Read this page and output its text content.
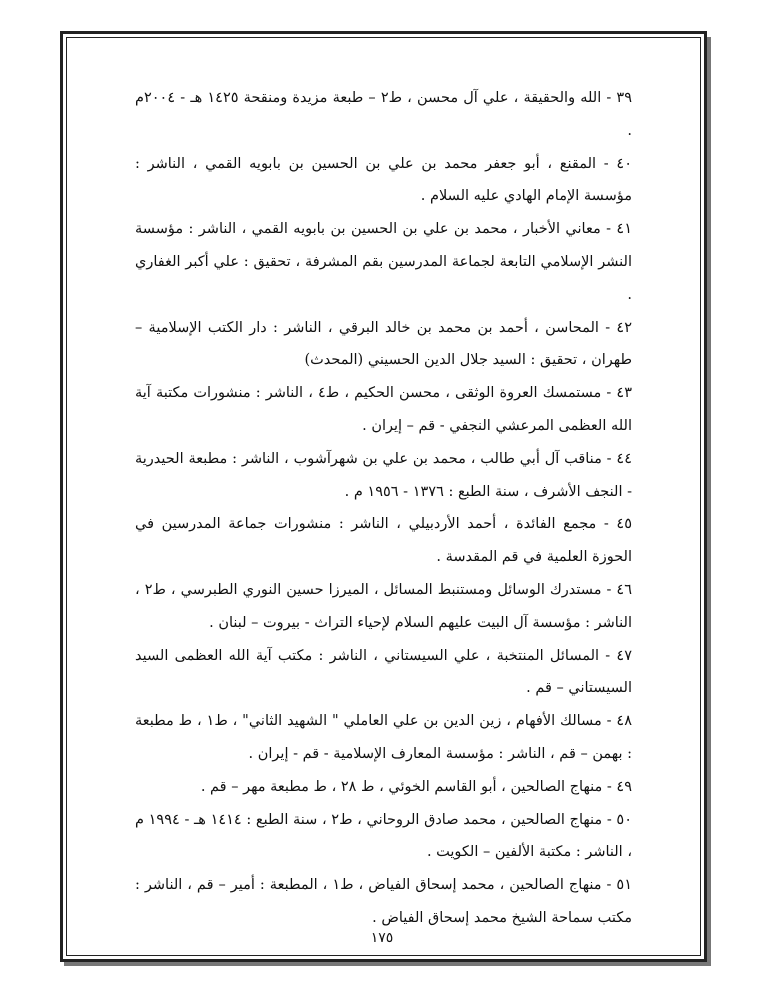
٣٩ - الله والحقيقة ، علي آل محسن ، ط٢ – طبعة مزيدة ومنقحة ١٤٢٥ هـ - ٢٠٠٤م .

٤٠ - المقنع ، أبو جعفر محمد بن علي بن الحسين بن بابويه القمي ، الناشر : مؤسسة الإمام الهادي عليه السلام .

٤١ - معاني الأخبار ، محمد بن علي بن الحسين بن بابويه القمي ، الناشر : مؤسسة النشر الإسلامي التابعة لجماعة المدرسين بقم المشرفة ، تحقيق : علي أكبر الغفاري .

٤٢ - المحاسن ، أحمد بن محمد بن خالد البرقي ، الناشر : دار الكتب الإسلامية – طهران ، تحقيق : السيد جلال الدين الحسيني (المحدث)

٤٣ - مستمسك العروة الوثقى ، محسن الحكيم ، ط٤ ، الناشر : منشورات مكتبة آية الله العظمى المرعشي النجفي - قم – إيران .

٤٤ - مناقب آل أبي طالب ، محمد بن علي بن شهرآشوب ، الناشر : مطبعة الحيدرية - النجف الأشرف ، سنة الطبع : ١٣٧٦ - ١٩٥٦ م .

٤٥ - مجمع الفائدة ، أحمد الأردبيلي ، الناشر : منشورات جماعة المدرسين في الحوزة العلمية في قم المقدسة .

٤٦ - مستدرك الوسائل ومستنبط المسائل ، الميرزا حسين النوري الطبرسي ، ط٢ ، الناشر : مؤسسة آل البيت عليهم السلام لإحياء التراث - بيروت – لبنان .

٤٧ - المسائل المنتخبة ، علي السيستاني ، الناشر : مكتب آية الله العظمى السيد السيستاني – قم .

٤٨ - مسالك الأفهام ، زين الدين بن علي العاملي " الشهيد الثاني" ، ط١ ، ط مطبعة : بهمن – قم ، الناشر : مؤسسة المعارف الإسلامية - قم - إيران .

٤٩ - منهاج الصالحين ، أبو القاسم الخوئي ، ط ٢٨ ، ط مطبعة مهر – قم .

٥٠ - منهاج الصالحين ، محمد صادق الروحاني ، ط٢ ، سنة الطبع : ١٤١٤ هـ - ١٩٩٤ م ، الناشر : مكتبة الألفين – الكويت .

٥١ - منهاج الصالحين ، محمد إسحاق الفياض ، ط١ ، المطبعة : أمير – قم ، الناشر : مكتب سماحة الشيخ محمد إسحاق الفياض .

١٧٥
